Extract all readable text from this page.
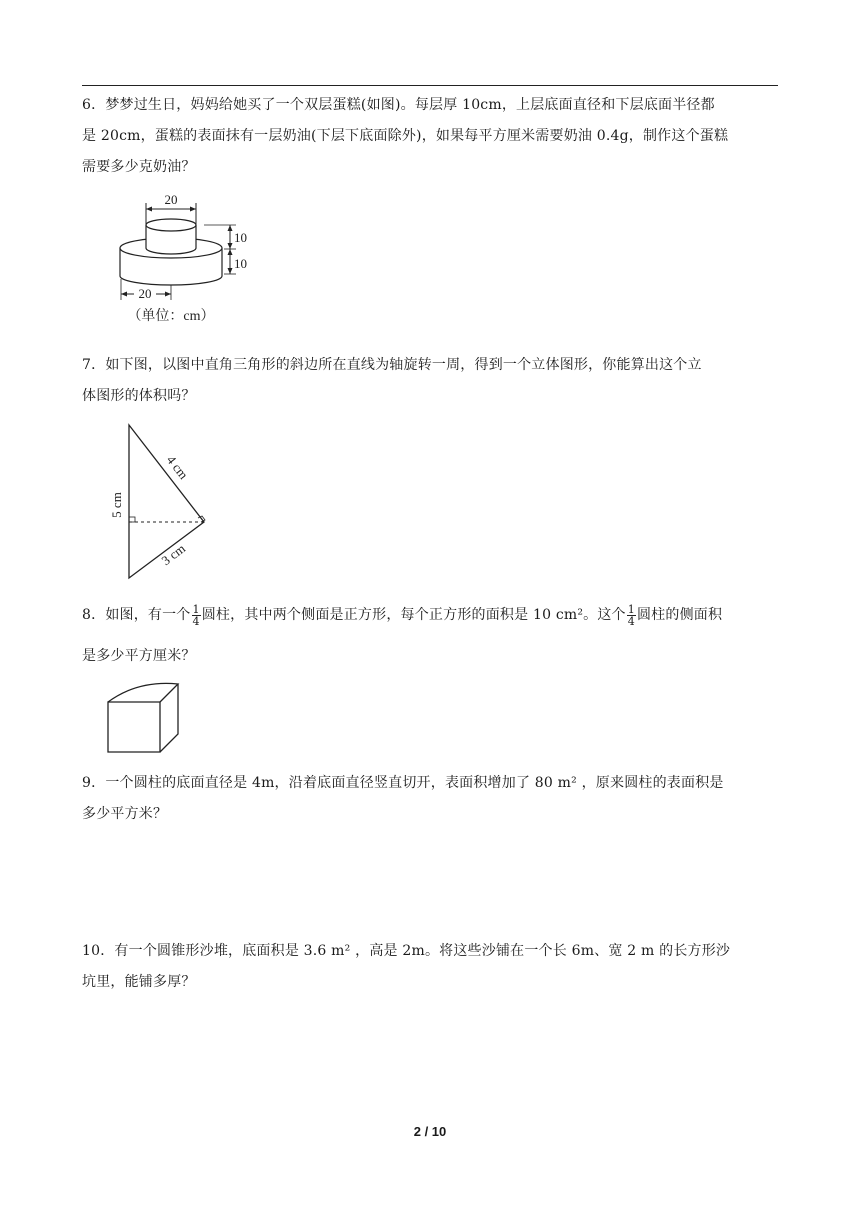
6．梦梦过生日，妈妈给她买了一个双层蛋糕(如图)。每层厚 10cm，上层底面直径和下层底面半径都

是 20cm，蛋糕的表面抹有一层奶油(下层下底面除外)，如果每平方厘米需要奶油 0.4g，制作这个蛋糕

需要多少克奶油？

20
10
10
20
（单位：cm）

7．如下图，以图中直角三角形的斜边所在直线为轴旋转一周，得到一个立体图形，你能算出这个立

体图形的体积吗？

4 cm
3 cm
5 cm

8．如图，有一个 $\frac{1}{4}$ 圆柱，其中两个侧面是正方形，每个正方形的面积是 10 cm²。这个 $\frac{1}{4}$ 圆柱的侧面积

是多少平方厘米？

9．一个圆柱的底面直径是 4m，沿着底面直径竖直切开，表面积增加了 80 m² ，原来圆柱的表面积是

多少平方米？

10．有一个圆锥形沙堆，底面积是 3.6 m² ，高是 2m。将这些沙铺在一个长 6m、宽 2 m 的长方形沙

坑里，能铺多厚？

2 / 10
